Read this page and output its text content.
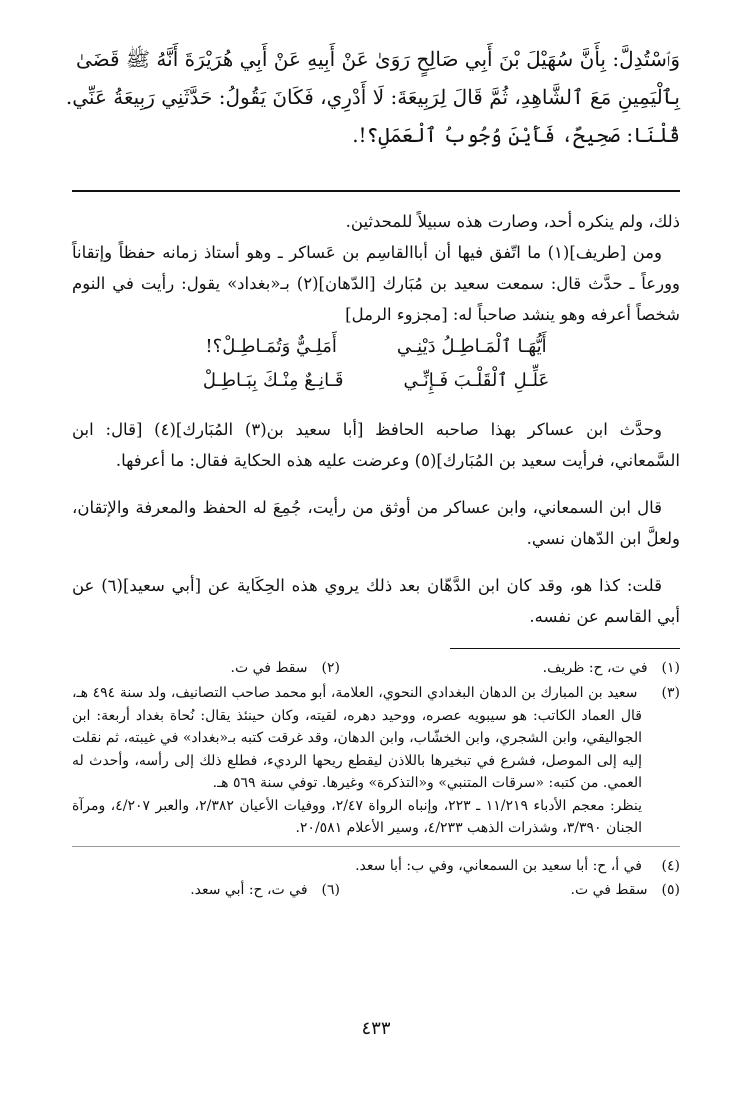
وَٱسْتُدِلَّ: بِأَنَّ سُهَيْلَ بْنَ أَبِي صَالِحٍ رَوَىٰ عَنْ أَبِيهِ عَنْ أَبِي هُرَيْرَةَ أَنَّهُ ﷺ قَضَىٰ
بِٱلْيَمِينِ مَعَ ٱلشَّاهِدِ، ثُمَّ قَالَ لِرَبِيعَةَ: لَا أَدْرِي، فَكَانَ يَقُولُ: حَدَّثَنِي رَبِيعَةُ عَنِّي.
قُلْنَا: صَحِيحٌ، فَأَيْنَ وُجُوبُ ٱلْعَمَلِ؟!.

ذلك، ولم ينكره أحد، وصارت هذه سبيلاً للمحدثين.

ومن [طريف](١) ما اتّفق فيها أن أباالقاسِم بن عَساكر ـ وهو أستاذ زمانه حفظاً وإتقاناً وورعاً ـ حدَّث قال: سمعت سعيد بن مُبَارك [الدّهان](٢) بـ«بغداد» يقول: رأيت في النوم شخصاً أعرفه وهو ينشد صاحباً له: [مجزوء الرمل]

أَيُّهَـا ٱلْمَـاطِـلُ دَيْنِـي
أَمَلِـيٌّ وَتُمَـاطِـلْ؟!
عَلِّـلِ ٱلْقَلْـبَ فَـإِنِّـي
قَـانِـعٌ مِنْـكَ بِبَـاطِـلْ

وحدَّث ابن عساكر بهذا صاحبه الحافظ [أبا سعيد بن(٣) المُبَارك](٤) [قال: ابن السَّمعاني، فرأيت سعيد بن المُبَارك](٥) وعرضت عليه هذه الحكاية فقال: ما أعرفها.

قال ابن السمعاني، وابن عساكر من أوثق من رأيت، جُمِعَ له الحفظ والمعرفة والإتقان، ولعلَّ ابن الدّهان نسي.

قلت: كذا هو، وقد كان ابن الدَّهّان بعد ذلك يروي هذه الحِكَاية عن [أبي سعيد](٦) عن أبي القاسم عن نفسه.

(١) في ت، ح: ظريف.
(٢) سقط في ت.
(٣) سعيد بن المبارك بن الدهان البغدادي النحوي، العلامة، أبو محمد صاحب التصانيف، ولد سنة ٤٩٤ هـ، قال العماد الكاتب: هو سيبويه عصره، ووحيد دهره، لقيته، وكان حينئذ يقال: نُحاة بغداد أربعة: ابن الجواليقي، وابن الشجري، وابن الخشّاب، وابن الدهان، وقد غرقت كتبه بـ«بغداد» في غيبته، ثم نقلت إليه إلى الموصل، فشرع في تبخيرها باللاذن ليقطع ريحها الرديء، فطلع ذلك إلى رأسه، وأحدث له العمي. من كتبه: «سرقات المتنبي» و«التذكرة» وغيرها. توفي سنة ٥٦٩ هـ.
ينظر: معجم الأدباء ١١/٢١٩ ـ ٢٢٣، وإنباه الرواة ٢/٤٧، ووفيات الأعيان ٢/٣٨٢، والعبر ٤/٢٠٧، ومرآة الجنان ٣/٣٩٠، وشذرات الذهب ٤/٢٣٣، وسير الأعلام ٢٠/٥٨١.
(٤)
في أ، ح: أبا سعيد بن السمعاني، وفي ب: أبا سعد.
(٥) سقط في ت.
(٦) في ت، ح: أبي سعد.
٤٣٣
